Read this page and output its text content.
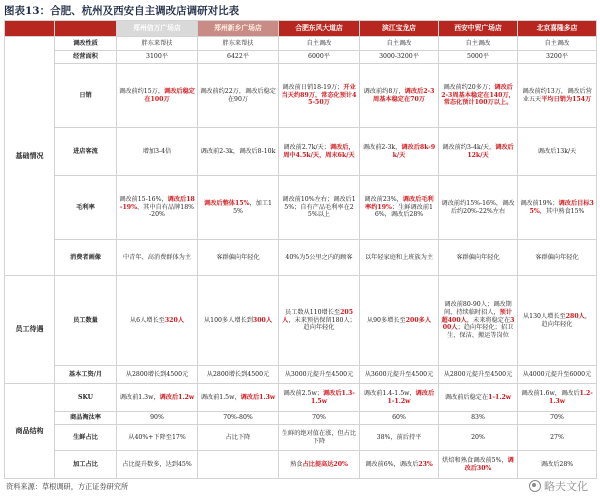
图表13：合肥、杭州及西安自主调改店调研对比表
		郑州信万广场店	郑州新乡广场店	合肥东风大道店	滨江宝龙店	西安中贸广场店	北京喜隆多店
基础情况	调改性质	胖东来帮扶	胖东来帮扶	自主调改	自主调改	自主调改	自主调改
	经营面积	3100平	6422平	6000平	3000-3200平	5000平	3200平
	日销	调改前约15万，调改后稳定在100万	调改前约22万，调改后稳定在90万	调改前日销18-19万；开业当天约89万，常态化预计45-50万	调改前约8万，调改后2-3周基本稳定在70万	调改前约20多万；调改后2-3周基本稳定在140万，常态化预计100万以上。	调改前约13万，调改后营业五天平均日销为154万
	进店客流	增加3-4倍	调改前2-3k，调改后8-10k	调改前2.7k/天；调改后，周中4.5k/天，周末6k/天	调改前2-3k，调改后8k-9k/天	调改前约3-4k/天，调改后12k/天	调改后13k/天
	毛利率	调改前15-16%，调改后18-19%，其中自有品牌18%-20%	调改后整体15%，加工15%	调改前10%左右；调改后15%；自有产品毛利率在25%以上	调改前23%，调改后毛利率约19%；生鲜调改前16%，调改后28%	调改前约15%-16%，调改后约20%-22%左右	调改前19%；调改后目标35%，其中熟食15%
	消费者画像	中青年、高消费群体为主	客群偏向年轻化	40%为5公里之内的顾客	以年轻家庭和上班族为主	客群偏向年轻化	客群偏向年轻化
员工待遇	员工数量	从6人增长至320人	从100多人增长到300人	员工数从110增长至205人，未来预估保留180人；趋向年轻化	从90多增长至200多人	调改前80-90人；调改期间，持续临时招人，预计超400人，未来将稳定在300人；趋向年轻化；招卫生、保洁、搬运等岗位	从130人增长至280人，趋向年轻化
	基本工资/月	从2800增长到4500元	从2800增长到4500元	从3000元提升至4500元	从3600元提升至4500元	从2800元提升至4500元	从4000元提升至6000元
商品结构	SKU	调改前1.3w，调改后1.2w	调改前1.5w，调改后1.3w	调改前2.5w；调改后1.3-1.5w	调改前1.4-1.5w，调改后1-1.2w	调改前后稳定在1-1.2w	调改前1.6w，调改后1.2-1.3w
	商品淘汰率	90%	70%-80%	70%	60%	83%	70%
	生鲜占比	从40%+下降至17%	占比下降	生鲜的绝对值在涨，但占比下降	38%，前后持平	20%	27%
	加工占比	占比提升数多，达到45%		熟食占比提高达20%	调改前6%，调改后23%	烘焙和熟食调改前5%，调改后30%	调改后28%
资料来源：草根调研，方正证券研究所	略夫文化
